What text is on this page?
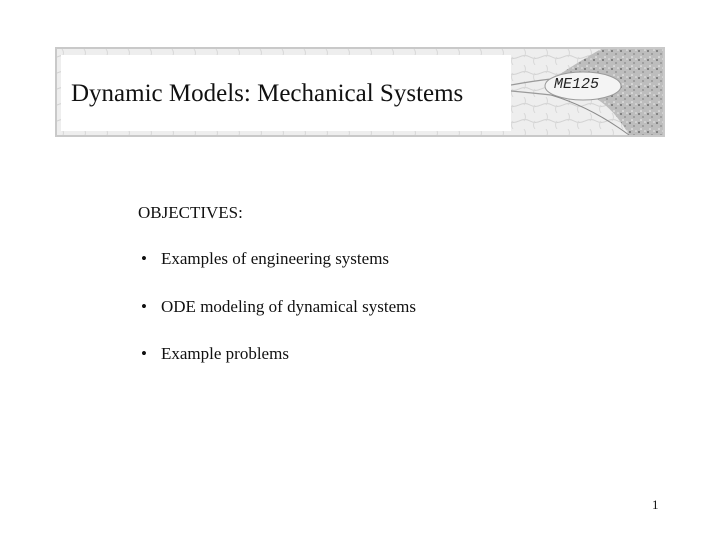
Dynamic Models: Mechanical Systems	ME125
OBJECTIVES:
• Examples of engineering systems
• ODE modeling of dynamical systems
• Example problems
1
